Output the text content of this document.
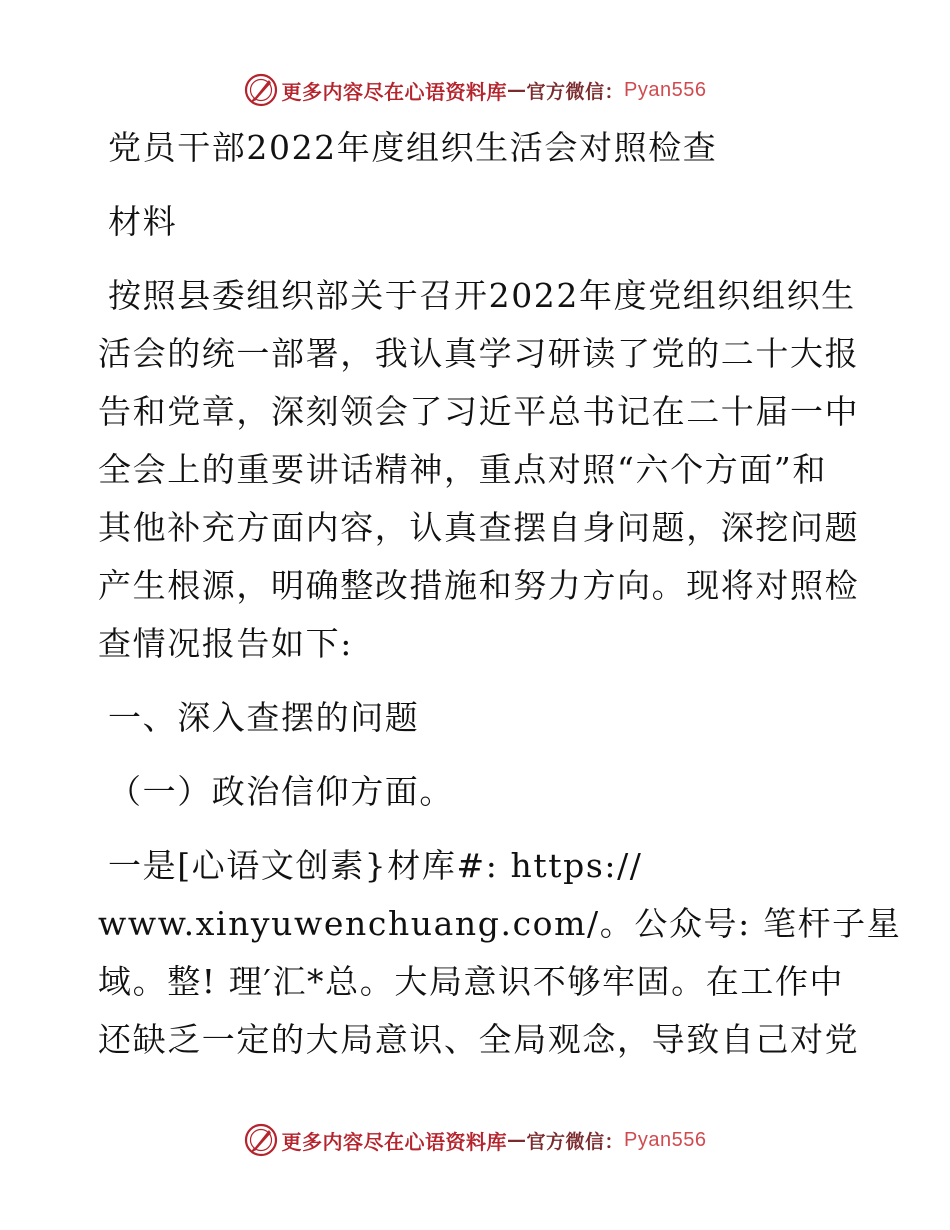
更多内容尽在心语资料库 — 官方微信： Pyan556
党员干部2022年度组织生活会对照检查
材料
按照县委组织部关于召开2022年度党组织组织生
活会的统一部署，我认真学习研读了党的二十大报
告和党章，深刻领会了习近平总书记在二十届一中
全会上的重要讲话精神，重点对照“六个方面”和
其他补充方面内容，认真查摆自身问题，深挖问题
产生根源，明确整改措施和努力方向。现将对照检
查情况报告如下:
一、深入查摆的问题
（一）政治信仰方面。
一是[心语文创素}材库#: https://
www.xinyuwenchuang.com/。公众号: 笔杆子星
域。整! 理′汇*总。大局意识不够牢固。在工作中
还缺乏一定的大局意识、全局观念，导致自己对党
更多内容尽在心语资料库 — 官方微信： Pyan556
